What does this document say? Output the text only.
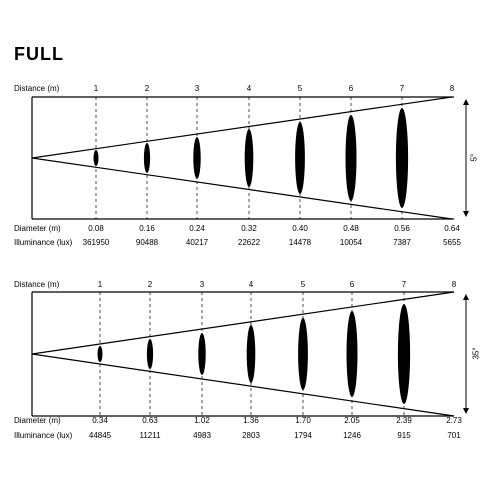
FULL
Distance (m)
Diameter (m)
Illuminance (lux)
1
0.08
361950
2
0.16
90488
3
0.24
40217
4
0.32
22622
5
0.40
14478
6
0.48
10054
7
0.56
7387
8
0.64
5655
5°
Distance (m)
Diameter (m)
Illuminance (lux)
1
0.34
44845
2
0.63
11211
3
1.02
4983
4
1.36
2803
5
1.70
1794
6
2.05
1246
7
2.39
915
8
2.73
701
35°
